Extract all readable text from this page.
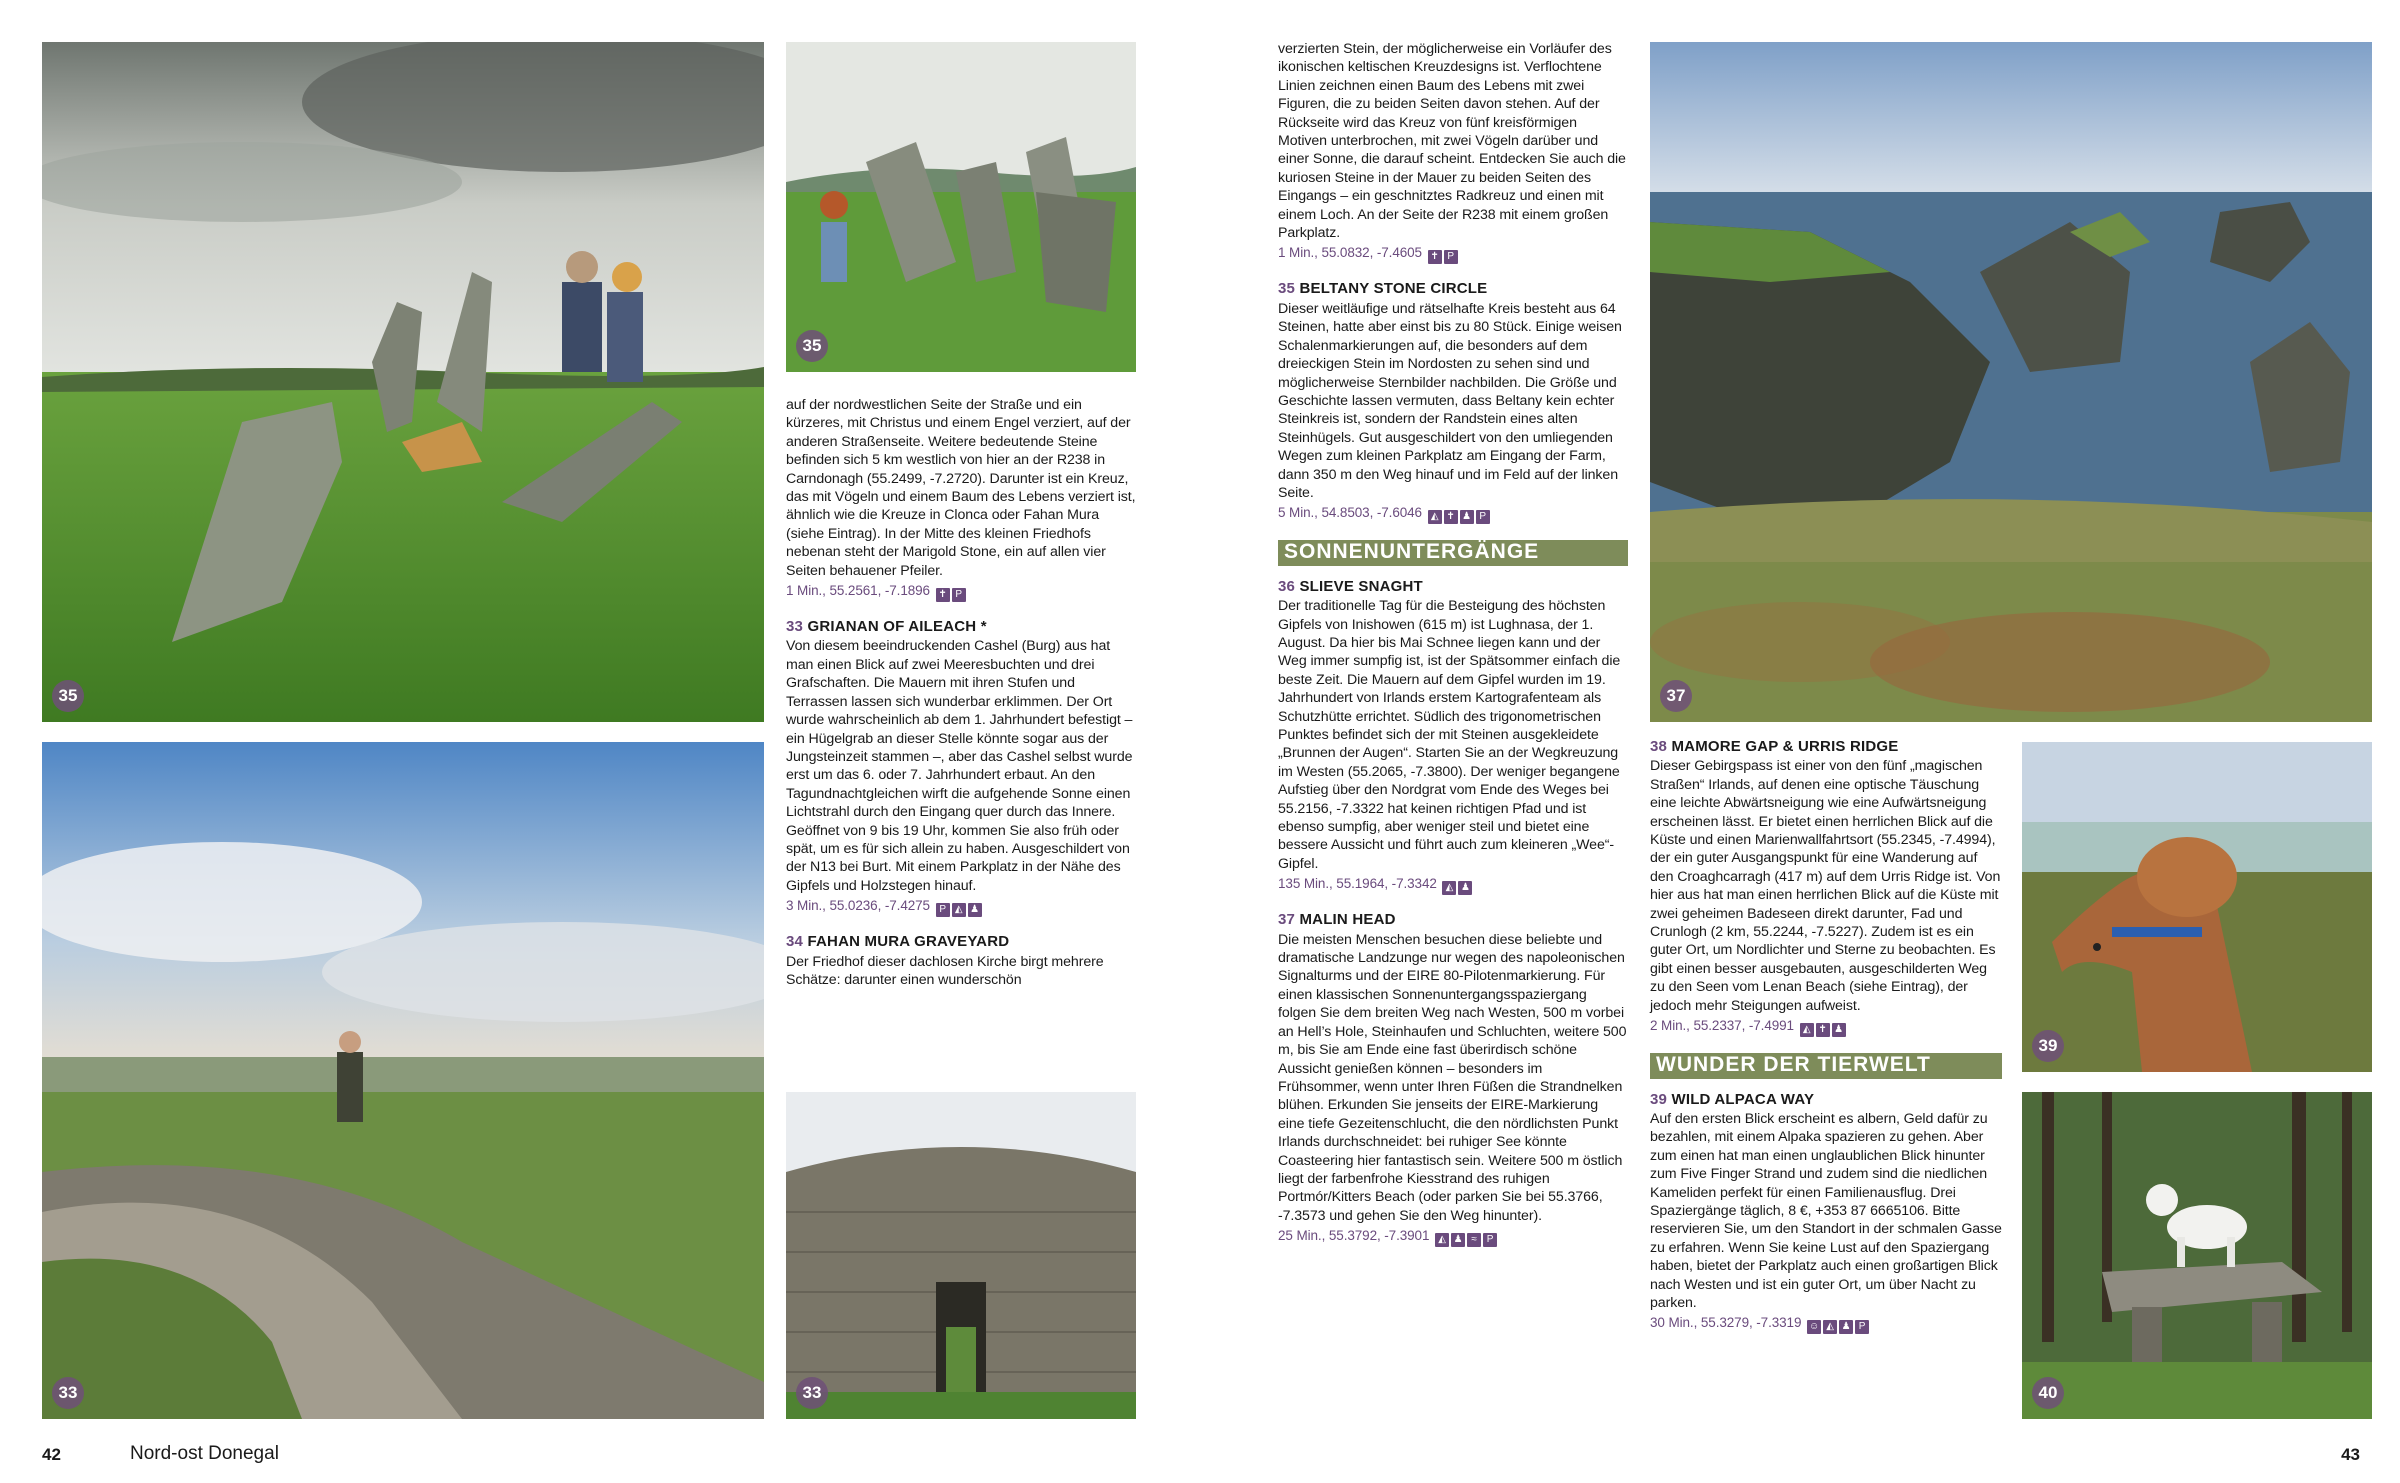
35
35
33	33
37
39
40

auf der nordwestlichen Seite der Straße und ein kürzeres, mit Christus und einem Engel verziert, auf der anderen Straßenseite. Weitere bedeutende Steine befinden sich 5 km westlich von hier an der R238 in Carndonagh (55.2499, -7.2720). Darunter ist ein Kreuz, das mit Vögeln und einem Baum des Lebens verziert ist, ähnlich wie die Kreuze in Clonca oder Fahan Mura (siehe Eintrag). In der Mitte des kleinen Friedhofs nebenan steht der Marigold Stone, ein auf allen vier Seiten behauener Pfeiler.

1 Min., 55.2561, -7.1896 ✝ P
33 GRIANAN OF AILEACH *

Von diesem beeindruckenden Cashel (Burg) aus hat man einen Blick auf zwei Meeresbuchten und drei Grafschaften. Die Mauern mit ihren Stufen und Terrassen lassen sich wunderbar erklimmen. Der Ort wurde wahrscheinlich ab dem 1. Jahrhundert befestigt – ein Hügelgrab an dieser Stelle könnte sogar aus der Jungsteinzeit stammen –, aber das Cashel selbst wurde erst um das 6. oder 7. Jahrhundert erbaut. An den Tagundnachtgleichen wirft die aufgehende Sonne einen Lichtstrahl durch den Eingang quer durch das Innere. Geöffnet von 9 bis 19 Uhr, kommen Sie also früh oder spät, um es für sich allein zu haben. Ausgeschildert von der N13 bei Burt. Mit einem Parkplatz in der Nähe des Gipfels und Holzstegen hinauf.

3 Min., 55.0236, -7.4275 P ◭ ♟
34 FAHAN MURA GRAVEYARD

Der Friedhof dieser dachlosen Kirche birgt mehrere Schätze: darunter einen wunderschön

verzierten Stein, der möglicherweise ein Vorläufer des ikonischen keltischen Kreuzdesigns ist. Verflochtene Linien zeichnen einen Baum des Lebens mit zwei Figuren, die zu beiden Seiten davon stehen. Auf der Rückseite wird das Kreuz von fünf kreisförmigen Motiven unterbrochen, mit zwei Vögeln darüber und einer Sonne, die darauf scheint. Entdecken Sie auch die kuriosen Steine in der Mauer zu beiden Seiten des Eingangs – ein geschnitztes Radkreuz und einen mit einem Loch. An der Seite der R238 mit einem großen Parkplatz.

1 Min., 55.0832, -7.4605 ✝ P
35 BELTANY STONE CIRCLE

Dieser weitläufige und rätselhafte Kreis besteht aus 64 Steinen, hatte aber einst bis zu 80 Stück. Einige weisen Schalenmarkierungen auf, die besonders auf dem dreieckigen Stein im Nordosten zu sehen sind und möglicherweise Sternbilder nachbilden. Die Größe und Geschichte lassen vermuten, dass Beltany kein echter Steinkreis ist, sondern der Randstein eines alten Steinhügels. Gut ausgeschildert von den umliegenden Wegen zum kleinen Parkplatz am Eingang der Farm, dann 350 m den Weg hinauf und im Feld auf der linken Seite.

5 Min., 54.8503, -7.6046 ◭ ✝ ♟ P
SONNENUNTERGÄNGE
36 SLIEVE SNAGHT

Der traditionelle Tag für die Besteigung des höchsten Gipfels von Inishowen (615 m) ist Lughnasa, der 1. August. Da hier bis Mai Schnee liegen kann und der Weg immer sumpfig ist, ist der Spätsommer einfach die beste Zeit. Die Mauern auf dem Gipfel wurden im 19. Jahrhundert von Irlands erstem Kartografenteam als Schutzhütte errichtet. Südlich des trigonometrischen Punktes befindet sich der mit Steinen ausgekleidete „Brunnen der Augen“. Starten Sie an der Wegkreuzung im Westen (55.2065, -7.3800). Der weniger begangene Aufstieg über den Nordgrat vom Ende des Weges bei 55.2156, -7.3322 hat keinen richtigen Pfad und ist ebenso sumpfig, aber weniger steil und bietet eine bessere Aussicht und führt auch zum kleineren „Wee“-Gipfel.

135 Min., 55.1964, -7.3342 ◭ ♟
37 MALIN HEAD

Die meisten Menschen besuchen diese beliebte und dramatische Landzunge nur wegen des napoleonischen Signalturms und der EIRE 80-Pilotenmarkierung. Für einen klassischen Sonnenuntergangsspaziergang folgen Sie dem breiten Weg nach Westen, 500 m vorbei an Hell’s Hole, Steinhaufen und Schluchten, weitere 500 m, bis Sie am Ende eine fast überirdisch schöne Aussicht genießen können – besonders im Frühsommer, wenn unter Ihren Füßen die Strandnelken blühen. Erkunden Sie jenseits der EIRE-Markierung eine tiefe Gezeitenschlucht, die den nördlichsten Punkt Irlands durchschneidet: bei ruhiger See könnte Coasteering hier fantastisch sein. Weitere 500 m östlich liegt der farbenfrohe Kiesstrand des ruhigen Portmór/Kitters Beach (oder parken Sie bei 55.3766, -7.3573 und gehen Sie den Weg hinunter).

25 Min., 55.3792, -7.3901 ◭ ♟ ≈ P
38 MAMORE GAP & URRIS RIDGE

Dieser Gebirgspass ist einer von den fünf „magischen Straßen“ Irlands, auf denen eine optische Täuschung eine leichte Abwärtsneigung wie eine Aufwärtsneigung erscheinen lässt. Er bietet einen herrlichen Blick auf die Küste und einen Marienwallfahrtsort (55.2345, -7.4994), der ein guter Ausgangspunkt für eine Wanderung auf den Croaghcarragh (417 m) auf dem Urris Ridge ist. Von hier aus hat man einen herrlichen Blick auf die Küste mit zwei geheimen Badeseen direkt darunter, Fad und Crunlogh (2 km, 55.2244, -7.5227). Zudem ist es ein guter Ort, um Nordlichter und Sterne zu beobachten. Es gibt einen besser ausgebauten, ausgeschilderten Weg zu den Seen vom Lenan Beach (siehe Eintrag), der jedoch mehr Steigungen aufweist.

2 Min., 55.2337, -7.4991 ◭ ✝ ♟
WUNDER DER TIERWELT
39 WILD ALPACA WAY

Auf den ersten Blick erscheint es albern, Geld dafür zu bezahlen, mit einem Alpaka spazieren zu gehen. Aber zum einen hat man einen unglaublichen Blick hinunter zum Five Finger Strand und zudem sind die niedlichen Kameliden perfekt für einen Familienausflug. Drei Spaziergänge täglich, 8 €, +353 87 6665106. Bitte reservieren Sie, um den Standort in der schmalen Gasse zu erfahren. Wenn Sie keine Lust auf den Spaziergang haben, bietet der Parkplatz auch einen großartigen Blick nach Westen und ist ein guter Ort, um über Nacht zu parken.

30 Min., 55.3279, -7.3319 ☺ ◭ ♟ P
42	Nord-ost Donegal	43
